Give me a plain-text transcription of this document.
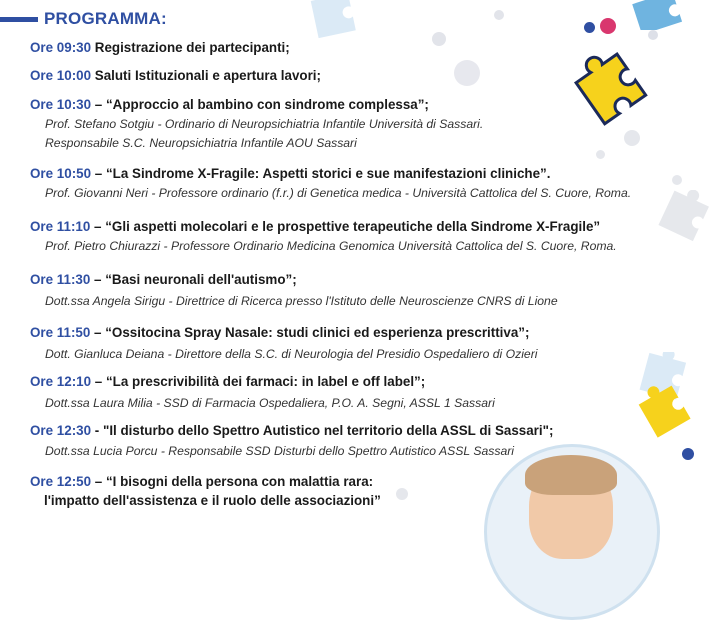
PROGRAMMA:
Ore 09:30 Registrazione dei partecipanti;
Ore 10:00 Saluti Istituzionali e apertura lavori;
Ore 10:30 – “Approccio al bambino con sindrome complessa”;
Prof. Stefano Sotgiu - Ordinario di Neuropsichiatria Infantile Università di Sassari.
Responsabile S.C. Neuropsichiatria Infantile AOU Sassari
Ore 10:50 – “La Sindrome X-Fragile: Aspetti storici e sue manifestazioni cliniche”.
Prof. Giovanni Neri - Professore ordinario (f.r.) di Genetica medica - Università Cattolica del S. Cuore, Roma.
Ore 11:10 – “Gli aspetti molecolari e le prospettive terapeutiche della Sindrome X-Fragile”
Prof. Pietro Chiurazzi - Professore Ordinario Medicina Genomica Università Cattolica del S. Cuore, Roma.
Ore 11:30 – “Basi neuronali dell'autismo”;
Dott.ssa Angela Sirigu - Direttrice di Ricerca presso l'Istituto delle Neuroscienze CNRS di Lione
Ore 11:50 – “Ossitocina Spray Nasale: studi clinici ed esperienza prescrittiva”;
Dott. Gianluca Deiana - Direttore della S.C. di Neurologia del Presidio Ospedaliero di Ozieri
Ore 12:10 – “La prescrivibilità dei farmaci: in label e off label”;
Dott.ssa Laura Milia - SSD di Farmacia Ospedaliera, P.O. A. Segni, ASSL 1 Sassari
Ore 12:30 - "Il disturbo dello Spettro Autistico nel territorio della ASSL di Sassari";
Dott.ssa Lucia Porcu - Responsabile SSD Disturbi dello Spettro Autistico ASSL Sassari
Ore 12:50 – “I bisogni della persona con malattia rara:
l'impatto dell'assistenza e il ruolo delle associazioni”
